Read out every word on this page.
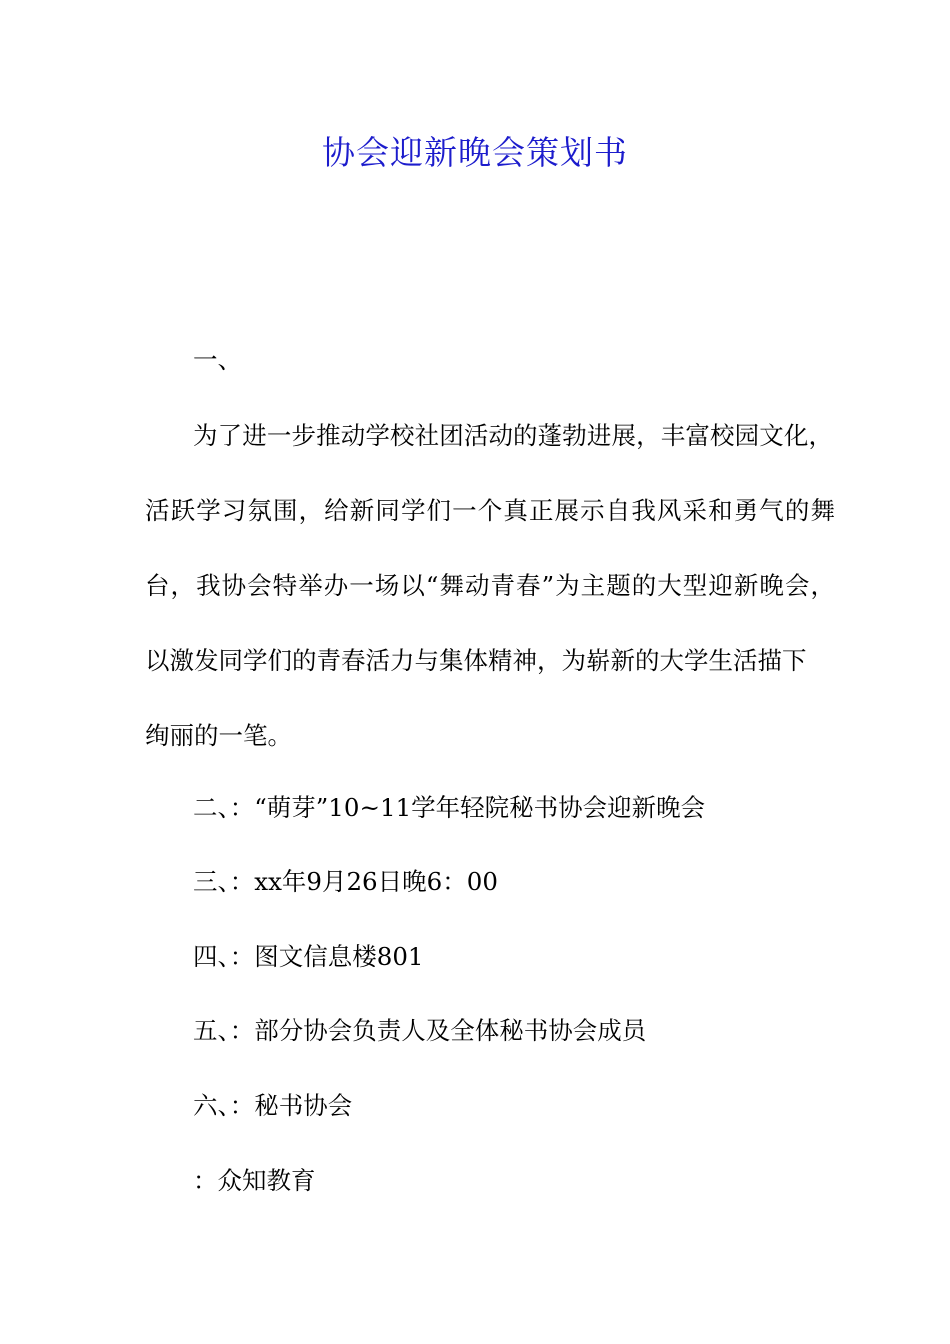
协会迎新晚会策划书

一、

为了进一步推动学校社团活动的蓬勃进展，丰富校园文化，

活跃学习氛围，给新同学们一个真正展示自我风采和勇气的舞

台，我协会特举办一场以“舞动青春”为主题的大型迎新晚会，

以激发同学们的青春活力与集体精神，为崭新的大学生活描下

绚丽的一笔。

二、：“萌芽”10~11学年轻院秘书协会迎新晚会

三、：xx年9月26日晚6：00

四、：图文信息楼801

五、：部分协会负责人及全体秘书协会成员

六、：秘书协会

：众知教育
